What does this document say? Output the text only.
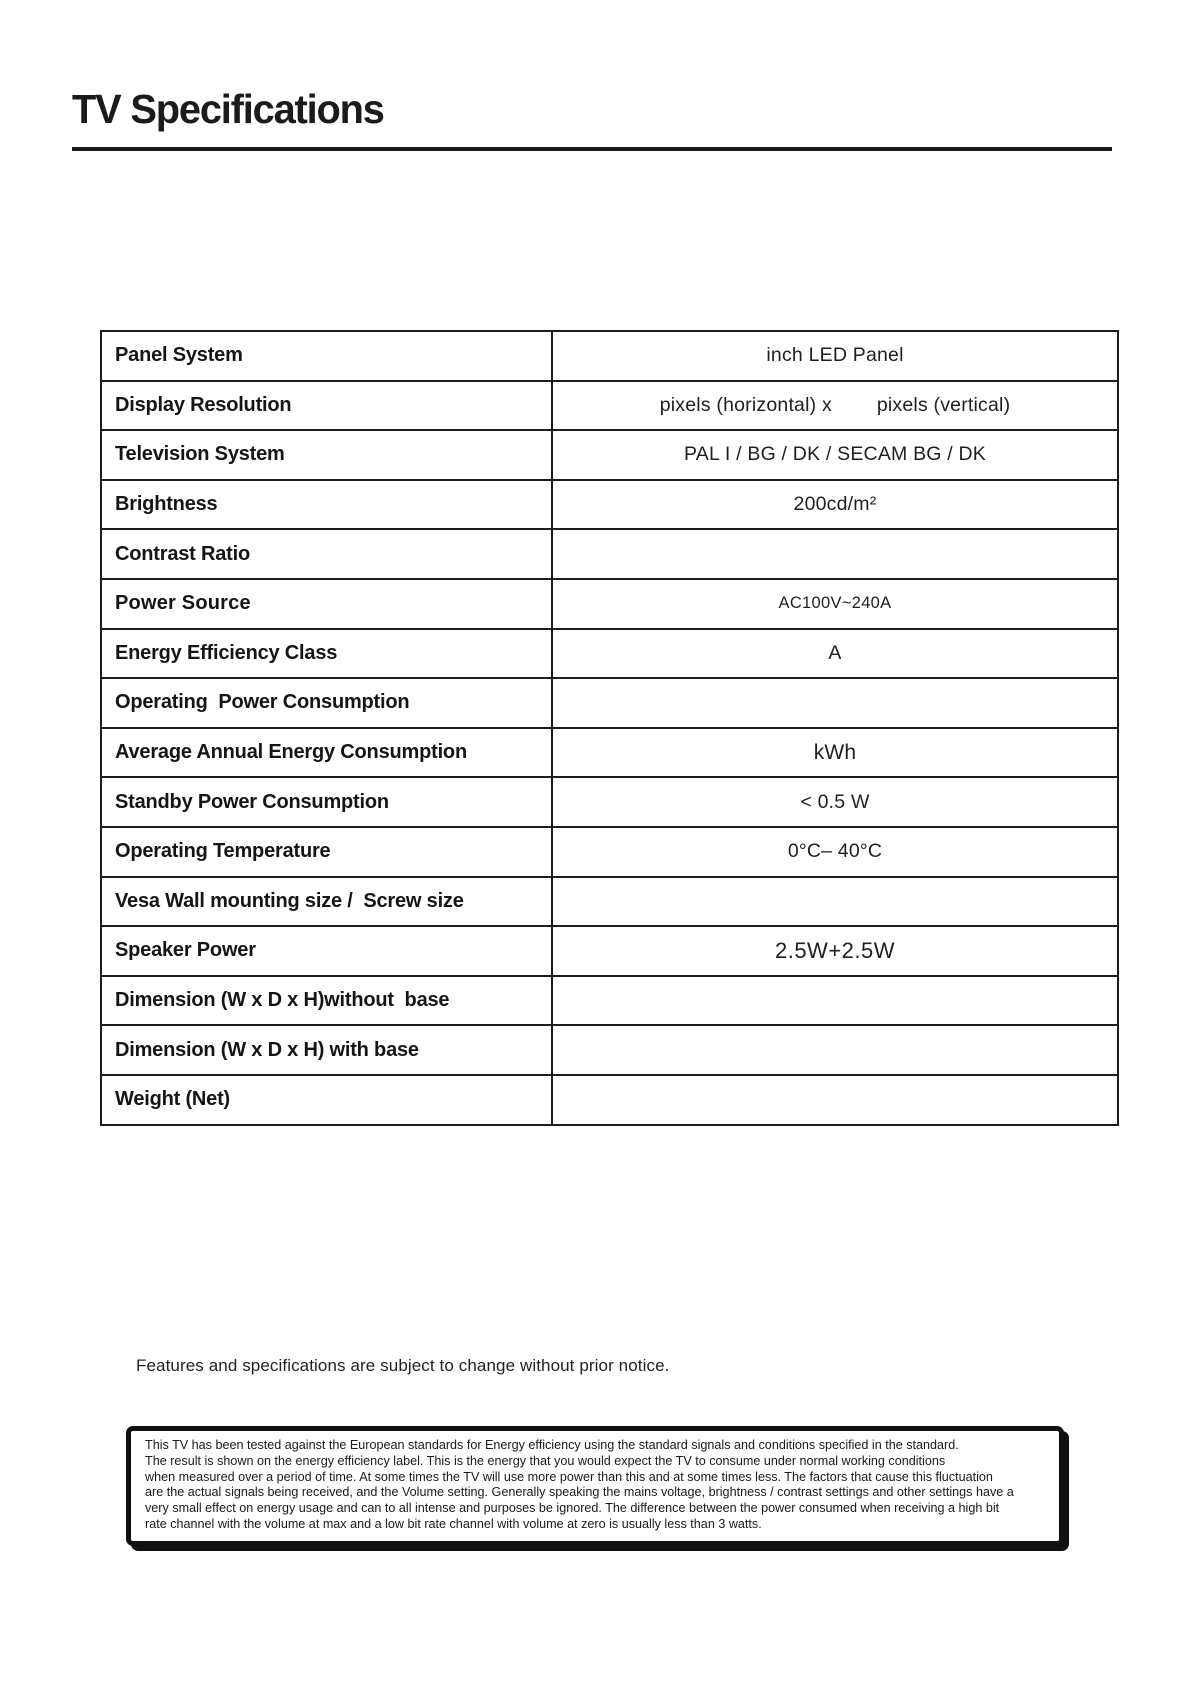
TV Specifications
Panel System	inch LED Panel
Display Resolution	pixels (horizontal) x        pixels (vertical)
Television System	PAL I / BG / DK / SECAM BG / DK
Brightness	200cd/m²
Contrast Ratio	
Power Source	AC100V~240A
Energy Efficiency Class	A
Operating  Power Consumption	
Average Annual Energy Consumption	kWh
Standby Power Consumption	< 0.5 W
Operating Temperature	0°C– 40°C
Vesa Wall mounting size /  Screw size	
Speaker Power	2.5W+2.5W
Dimension (W x D x H)without  base	
Dimension (W x D x H) with base	
Weight (Net)	
Features and specifications are subject to change without prior notice.
This TV has been tested against the European standards for Energy efficiency using the standard signals and conditions specified in the standard.
The result is shown on the energy efficiency label. This is the energy that you would expect the TV to consume under normal working conditions
when measured over a period of time. At some times the TV will use more power than this and at some times less. The factors that cause this fluctuation
are the actual signals being received, and the Volume setting. Generally speaking the mains voltage, brightness / contrast settings and other settings have a
very small effect on energy usage and can to all intense and purposes be ignored. The difference between the power consumed when receiving a high bit
rate channel with the volume at max and a low bit rate channel with volume at zero is usually less than 3 watts.
